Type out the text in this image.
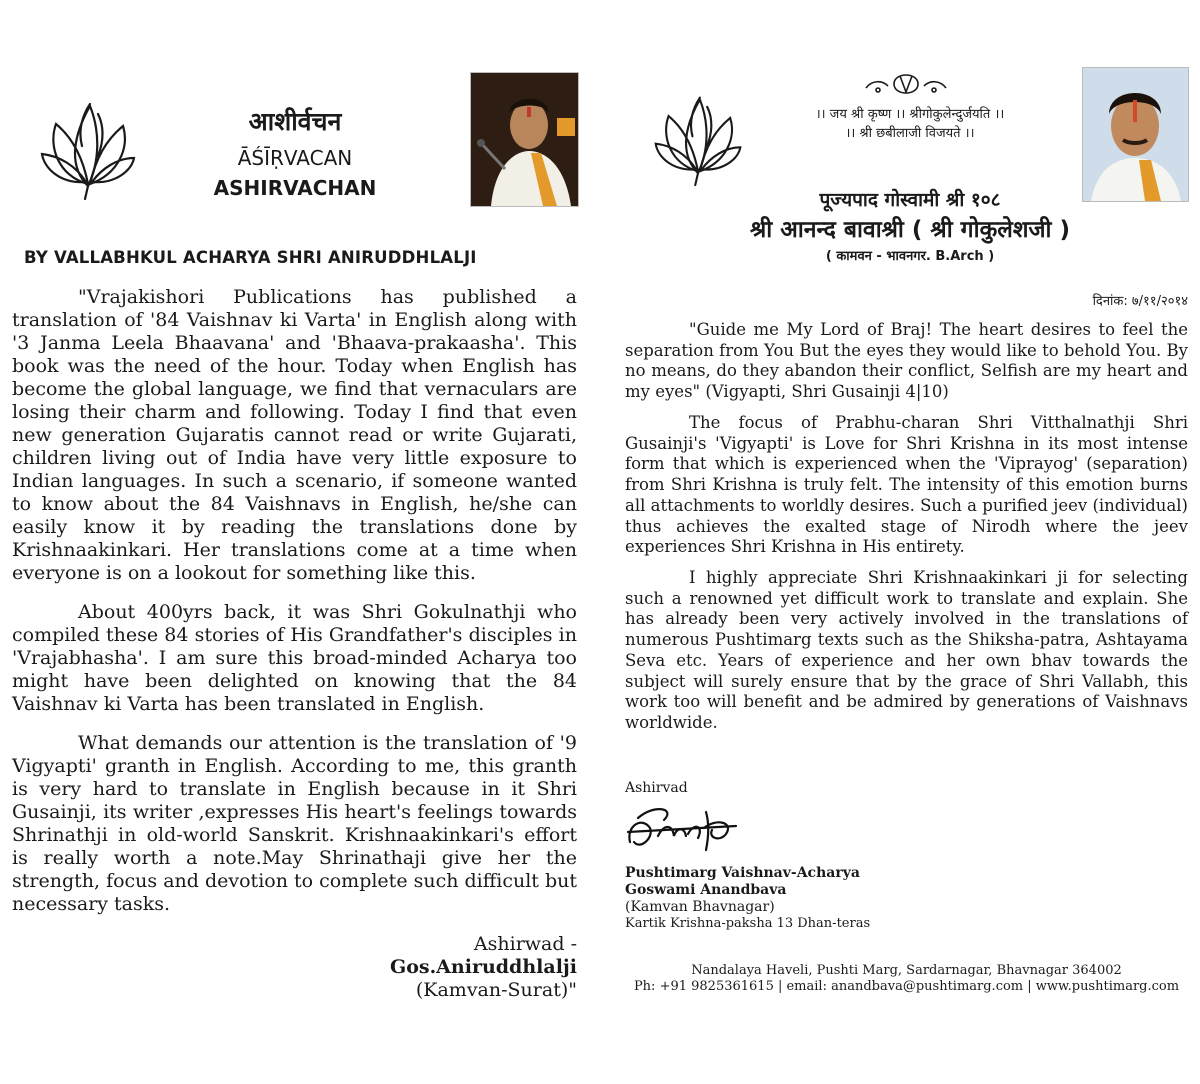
आशीर्वचन
ĀŚĪṚVACAN
ASHIRVACHAN
BY VALLABHKUL ACHARYA SHRI ANIRUDDHLALJI

"Vrajakishori Publications has published a translation of '84 Vaishnav ki Varta' in English along with '3 Janma Leela Bhaavana' and 'Bhaava-prakaasha'. This book was the need of the hour. Today when English has become the global language, we find that vernaculars are losing their charm and following. Today I find that even new generation Gujaratis cannot read or write Gujarati, children living out of India have very little exposure to Indian languages. In such a scenario, if someone wanted to know about the 84 Vaishnavs in English, he/she can easily know it by reading the translations done by Krishnaakinkari. Her translations come at a time when everyone is on a lookout for something like this.

About 400yrs back, it was Shri Gokulnathji who compiled these 84 stories of His Grandfather's disciples in 'Vrajabhasha'. I am sure this broad-minded Acharya too might have been delighted on knowing that the 84 Vaishnav ki Varta has been translated in English.

What demands our attention is the translation of '9 Vigyapti' granth in English. According to me, this granth is very hard to translate in English because in it Shri Gusainji, its writer ,expresses His heart's feelings towards Shrinathji in old-world Sanskrit. Krishnaakinkari's effort is really worth a note.May Shrinathaji give her the strength, focus and devotion to complete such difficult but necessary tasks.

Ashirwad -
Gos.Aniruddhlalji
(Kamvan-Surat)"
।। जय श्री कृष्ण ।। श्रीगोकुलेन्दुर्जयति ।।
।। श्री छबीलाजी विजयते ।।
पूज्यपाद गोस्वामी श्री १०८
श्री आनन्द बावाश्री ( श्री गोकुलेशजी )
( कामवन - भावनगर. B.Arch )
दिनांक: ७/११/२०१४

"Guide me My Lord of Braj! The heart desires to feel the separation from You But the eyes they would like to behold You. By no means, do they abandon their conflict, Selfish are my heart and my eyes" (Vigyapti, Shri Gusainji 4|10)

The focus of Prabhu-charan Shri Vitthalnathji Shri Gusainji's 'Vigyapti' is Love for Shri Krishna in its most intense form that which is experienced when the 'Viprayog' (separation) from Shri Krishna is truly felt. The intensity of this emotion burns all attachments to worldly desires. Such a purified jeev (individual) thus achieves the exalted stage of Nirodh where the jeev experiences Shri Krishna in His entirety.

I highly appreciate Shri Krishnaakinkari ji for selecting such a renowned yet difficult work to translate and explain. She has already been very actively involved in the translations of numerous Pushtimarg texts such as the Shiksha-patra, Ashtayama Seva etc. Years of experience and her own bhav towards the subject will surely ensure that by the grace of Shri Vallabh, this work too will benefit and be admired by generations of Vaishnavs worldwide.

Ashirvad
Pushtimarg Vaishnav-Acharya
Goswami Anandbava
(Kamvan Bhavnagar)
Kartik Krishna-paksha 13 Dhan-teras
Nandalaya Haveli, Pushti Marg, Sardarnagar, Bhavnagar 364002
Ph: +91 9825361615 | email: anandbava@pushtimarg.com | www.pushtimarg.com
